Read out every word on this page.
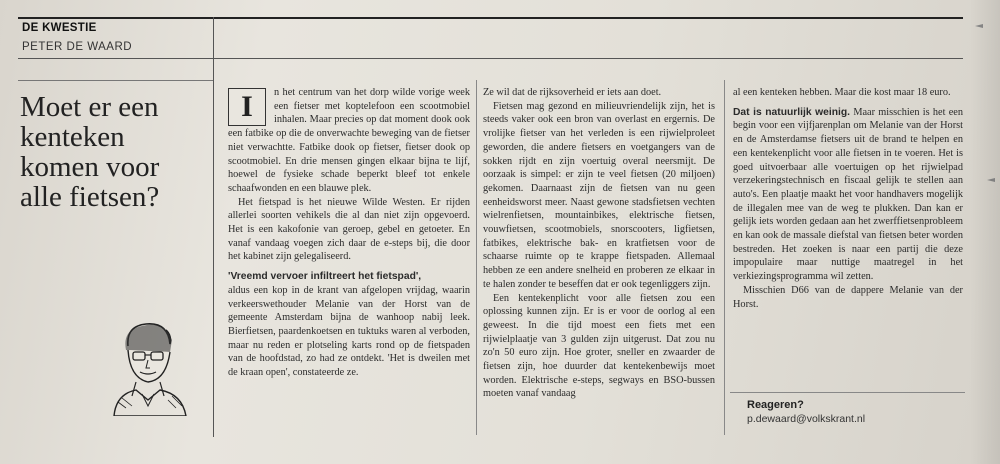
DE KWESTIE
PETER DE WAARD
Moet er een kenteken komen voor alle fietsen?

I	n het centrum van het dorp wilde vorige week een fietser met koptelefoon een scootmobiel inhalen. Maar precies op dat moment dook ook een fatbike op die de onverwachte beweging van de fietser niet verwachtte. Fatbike dook op fietser, fietser dook op scootmobiel. En drie mensen gingen elkaar bijna te lijf, hoewel de fysieke schade beperkt bleef tot enkele schaafwonden en een blauwe plek.

Het fietspad is het nieuwe Wilde Westen. Er rijden allerlei soorten vehikels die al dan niet zijn opgevoerd. Het is een kakofonie van geroep, gebel en getoeter. En vanaf vandaag voegen zich daar de e-steps bij, die door het kabinet zijn gelegaliseerd.

'Vreemd vervoer infiltreert het fietspad',

aldus een kop in de krant van afgelopen vrijdag, waarin verkeerswethouder Melanie van der Horst van de gemeente Amsterdam bijna de wanhoop nabij leek. Bierfietsen, paardenkoetsen en tuktuks waren al verboden, maar nu reden er plotseling karts rond op de fietspaden van de hoofdstad, zo had ze ontdekt. 'Het is dweilen met de kraan open', constateerde ze.

Ze wil dat de rijksoverheid er iets aan doet.

Fietsen mag gezond en milieuvriendelijk zijn, het is steeds vaker ook een bron van overlast en ergernis. De vrolijke fietser van het verleden is een rijwielproleet geworden, die andere fietsers en voetgangers van de sokken rijdt en zijn voertuig overal neersmijt. De oorzaak is simpel: er zijn te veel fietsen (20 miljoen) gekomen. Daarnaast zijn de fietsen van nu geen eenheidsworst meer. Naast gewone stadsfietsen vechten wielrenfietsen, mountainbikes, elektrische fietsen, vouwfietsen, scootmobiels, snorscooters, ligfietsen, fatbikes, elektrische bak- en kratfietsen voor de schaarse ruimte op te krappe fietspaden. Allemaal hebben ze een andere snelheid en proberen ze elkaar in te halen zonder te beseffen dat er ook tegenliggers zijn.

Een kentekenplicht voor alle fietsen zou een oplossing kunnen zijn. Er is er voor de oorlog al een geweest. In die tijd moest een fiets met een rijwielplaatje van 3 gulden zijn uitgerust. Dat zou nu zo'n 50 euro zijn. Hoe groter, sneller en zwaarder de fietsen zijn, hoe duurder dat kentekenbewijs moet worden. Elektrische e-steps, segways en BSO-bussen moeten vanaf vandaag

al een kenteken hebben. Maar die kost maar 18 euro.

Dat is natuurlijk weinig. Maar misschien is het een begin voor een vijfjarenplan om Melanie van der Horst en de Amsterdamse fietsers uit de brand te helpen en een kentekenplicht voor alle fietsen in te voeren. Het is goed uitvoerbaar alle voertuigen op het rijwielpad verzekeringstechnisch en fiscaal gelijk te stellen aan auto's. Een plaatje maakt het voor handhavers mogelijk de illegalen mee van de weg te plukken. Dan kan er gelijk iets worden gedaan aan het zwerffietsenprobleem en kan ook de massale diefstal van fietsen beter worden bestreden. Het zoeken is naar een partij die deze impopulaire maar nuttige maatregel in het verkiezingsprogramma wil zetten.

Misschien D66 van de dappere Melanie van der Horst.

Reageren?
p.dewaard@volkskrant.nl
